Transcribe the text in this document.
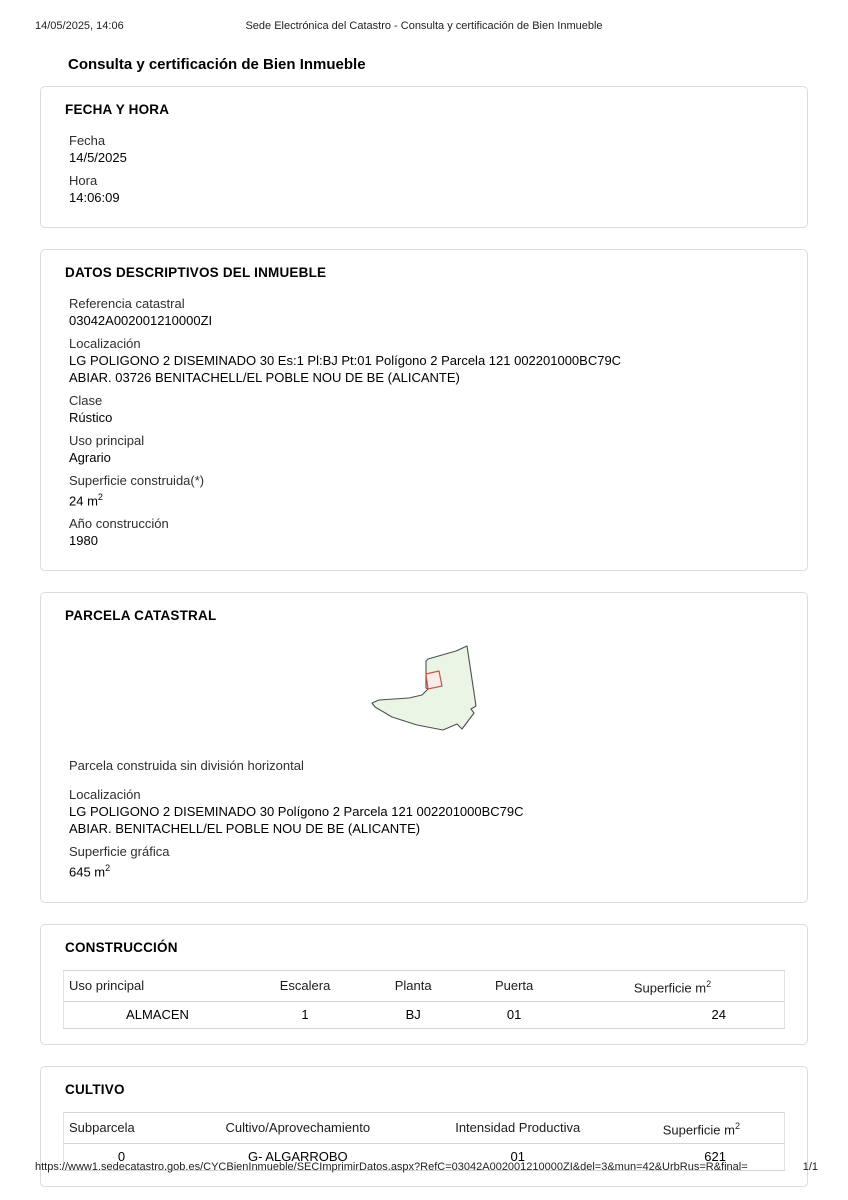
14/05/2025, 14:06	Sede Electrónica del Catastro - Consulta y certificación de Bien Inmueble
Consulta y certificación de Bien Inmueble
FECHA Y HORA
Fecha
14/5/2025
Hora
14:06:09
DATOS DESCRIPTIVOS DEL INMUEBLE
Referencia catastral
03042A002001210000ZI
Localización
LG POLIGONO 2 DISEMINADO 30 Es:1 Pl:BJ Pt:01 Polígono 2 Parcela 121 002201000BC79C
ABIAR. 03726 BENITACHELL/EL POBLE NOU DE BE (ALICANTE)
Clase
Rústico
Uso principal
Agrario
Superficie construida(*)
24 $m^2$
Año construcción
1980
PARCELA CATASTRAL
Parcela construida sin división horizontal
Localización
LG POLIGONO 2 DISEMINADO 30 Polígono 2 Parcela 121 002201000BC79C
ABIAR. BENITACHELL/EL POBLE NOU DE BE (ALICANTE)
Superficie gráfica
645 $m^2$
CONSTRUCCIÓN
Uso principal	Escalera	Planta	Puerta	Superficie $m^2$
ALMACEN	1	BJ	01	24
CULTIVO
Subparcela	Cultivo/Aprovechamiento	Intensidad Productiva	Superficie $m^2$
0	G- ALGARROBO	01	621
https://www1.sedecatastro.gob.es/CYCBienInmueble/SECImprimirDatos.aspx?RefC=03042A002001210000ZI&del=3&mun=42&UrbRus=R&final=	1/1
